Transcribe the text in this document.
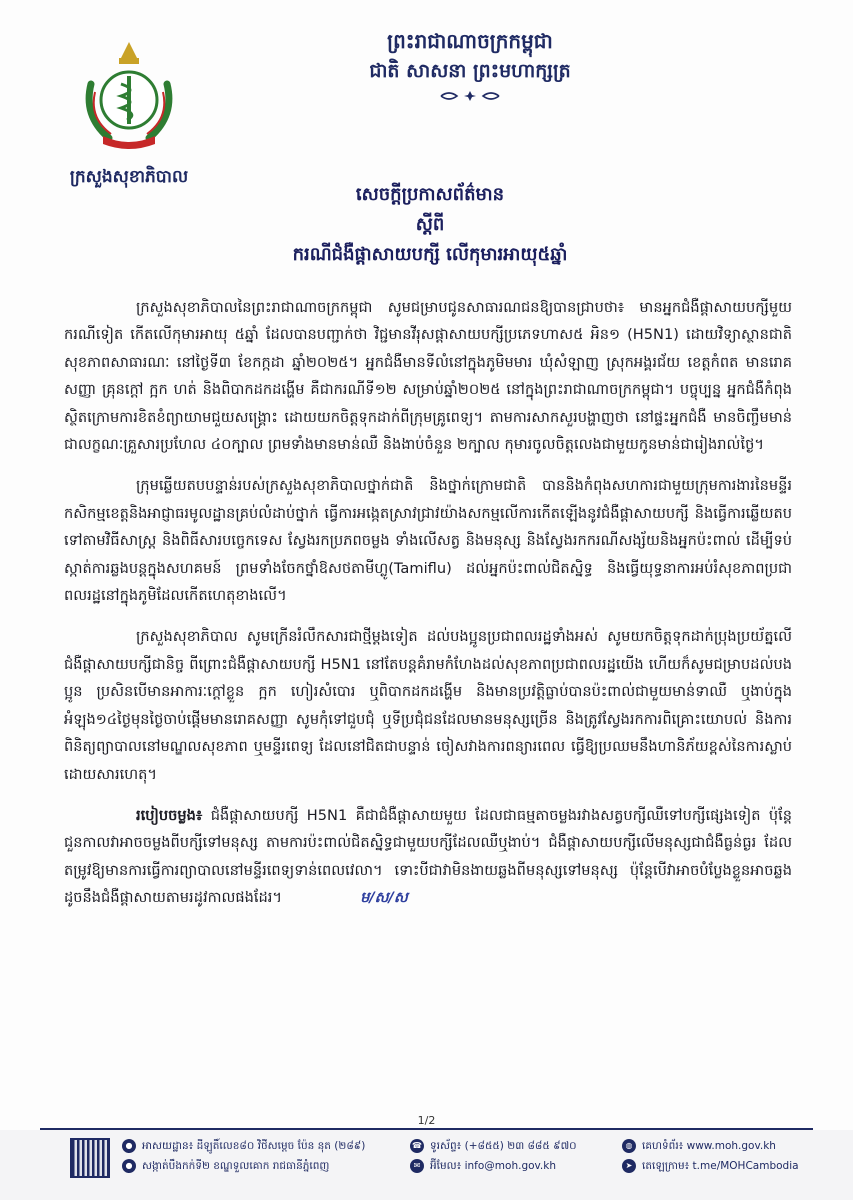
ក្រសួងសុខាភិបាល
ព្រះរាជាណាចក្រកម្ពុជា
ជាតិ សាសនា ព្រះមហាក្សត្រ
សេចក្តីប្រកាសព័ត៌មាន
ស្តីពី
ករណីជំងឺផ្តាសាយបក្សី លើកុមារអាយុ៥ឆ្នាំ

ក្រសួងសុខាភិបាលនៃព្រះរាជាណាចក្រកម្ពុជា សូមជម្រាបជូនសាធារណជនឱ្យបានជ្រាបថា៖ មានអ្នកជំងឺផ្តាសាយបក្សីមួយករណីទៀត កើតលើកុមារអាយុ ៥ឆ្នាំ ដែលបានបញ្ជាក់ថា វិជ្ជមានវីរុសផ្តាសាយបក្សីប្រភេទហាស៥ អិន១ (H5N1) ដោយវិទ្យាស្ថានជាតិសុខភាពសាធារណៈ នៅថ្ងៃទី៣ ខែកក្កដា ឆ្នាំ២០២៥។ អ្នកជំងឺមានទីលំនៅក្នុងភូមិមមារ ឃុំសំឡាញ ស្រុកអង្គរជ័យ ខេត្តកំពត មានរោគសញ្ញា គ្រុនក្តៅ ក្អក ហត់ និងពិបាកដកដង្ហើម គឺជាករណីទី១២ សម្រាប់ឆ្នាំ២០២៥ នៅក្នុងព្រះរាជាណាចក្រកម្ពុជា។ បច្ចុប្បន្ន អ្នកជំងឺកំពុងស្ថិតក្រោមការខិតខំព្យាយាមជួយសង្គ្រោះ ដោយយកចិត្តទុកដាក់ពីក្រុមគ្រូពេទ្យ។ តាមការសាកសួរបង្ហាញថា នៅផ្ទះអ្នកជំងឺ មានចិញ្ចឹមមាន់ជាលក្ខណៈគ្រួសារប្រហែល ៤០ក្បាល ព្រមទាំងមានមាន់ឈឺ និងងាប់ចំនួន ២ក្បាល កុមារចូលចិត្តលេងជាមួយកូនមាន់ជារៀងរាល់ថ្ងៃ។

ក្រុមឆ្លើយតបបន្ទាន់របស់ក្រសួងសុខាភិបាលថ្នាក់ជាតិ និងថ្នាក់ក្រោមជាតិ បាននិងកំពុងសហការជាមួយក្រុមការងារនៃមន្ទីរកសិកម្មខេត្តនិងអាជ្ញាធរមូលដ្ឋានគ្រប់លំដាប់ថ្នាក់ ធ្វើការអង្កេតស្រាវជ្រាវយ៉ាងសកម្មលើការកើតឡើងនូវជំងឺផ្តាសាយបក្សី និងធ្វើការឆ្លើយតបទៅតាមវិធីសាស្ត្រ និងពិធីសារបច្ចេកទេស ស្វែងរកប្រភពចម្លង ទាំងលើសត្វ និងមនុស្ស និងស្វែងរកករណីសង្ស័យនិងអ្នកប៉ះពាល់ ដើម្បីទប់ស្កាត់ការឆ្លងបន្តក្នុងសហគមន៍ ព្រមទាំងចែកថ្នាំឱសថតាមីហ្លូ(Tamiflu) ដល់អ្នកប៉ះពាល់ជិតស្និទ្ធ និងធ្វើយុទ្ធនាការអប់រំសុខភាពប្រជាពលរដ្ឋនៅក្នុងភូមិដែលកើតហេតុខាងលើ។

ក្រសួងសុខាភិបាល សូមក្រើនរំលឹកសារជាថ្មីម្តងទៀត ដល់បងប្អូនប្រជាពលរដ្ឋទាំងអស់ សូមយកចិត្តទុកដាក់ប្រុងប្រយ័ត្នលើជំងឺផ្តាសាយបក្សីជានិច្ច ពីព្រោះជំងឺផ្តាសាយបក្សី H5N1 នៅតែបន្តគំរាមកំហែងដល់សុខភាពប្រជាពលរដ្ឋយើង ហើយក៏សូមជម្រាបដល់បងប្អូន ប្រសិនបើមានអាការៈក្តៅខ្លួន ក្អក ហៀរសំបោរ ឬពិបាកដកដង្ហើម និងមានប្រវត្តិធ្លាប់បានប៉ះពាល់ជាមួយមាន់ទាឈឺ ឬងាប់ក្នុងអំឡុង១៤ថ្ងៃមុនថ្ងៃចាប់ផ្តើមមានរោគសញ្ញា សូមកុំទៅជួបជុំ ឬទីប្រជុំជនដែលមានមនុស្សច្រើន និងត្រូវស្វែងរកការពិគ្រោះយោបល់ និងការពិនិត្យព្យាបាលនៅមណ្ឌលសុខភាព ឬមន្ទីរពេទ្យ ដែលនៅជិតជាបន្ទាន់ ចៀសវាងការពន្យារពេល ធ្វើឱ្យប្រឈមនឹងហានិភ័យខ្ពស់នៃការស្លាប់ដោយសារហេតុ។

របៀបចម្លង៖ ជំងឺផ្តាសាយបក្សី H5N1 គឺជាជំងឺផ្តាសាយមួយ ដែលជាធម្មតាចម្លងរវាងសត្វបក្សីឈឺទៅបក្សីផ្សេងទៀត ប៉ុន្តែជួនកាលវាអាចចម្លងពីបក្សីទៅមនុស្ស តាមការប៉ះពាល់ជិតស្និទ្ធជាមួយបក្សីដែលឈឺឬងាប់។ ជំងឺផ្តាសាយបក្សីលើមនុស្សជាជំងឺធ្ងន់ធ្ងរ ដែលតម្រូវឱ្យមានការធ្វើការព្យាបាលនៅមន្ទីរពេទ្យទាន់ពេលវេលា។ ទោះបីជាវាមិនងាយឆ្លងពីមនុស្សទៅមនុស្ស ប៉ុន្តែបើវាអាចបំប្លែងខ្លួនអាចឆ្លង ដូចនឹងជំងឺផ្តាសាយតាមរដូវកាលផងដែរ។	ម/ស/ស

1/2
● អាសយដ្ឋាន៖ ដីឡូតិ៍លេខ៨០ វិថីសម្តេច ប៉ែន នុត (២៨៩)
● សង្កាត់បឹងកក់ទី២ ខណ្ឌទួលគោក រាជធានីភ្នំពេញ
☎ ទូរស័ព្ទ៖ (+៨៥៥) ២៣ ៨៨៥ ៩៧០
✉ អ៊ីមែល៖ info@moh.gov.kh
◍ គេហទំព័រ៖ www.moh.gov.kh
➤ តេឡេក្រាម៖ t.me/MOHCambodia
